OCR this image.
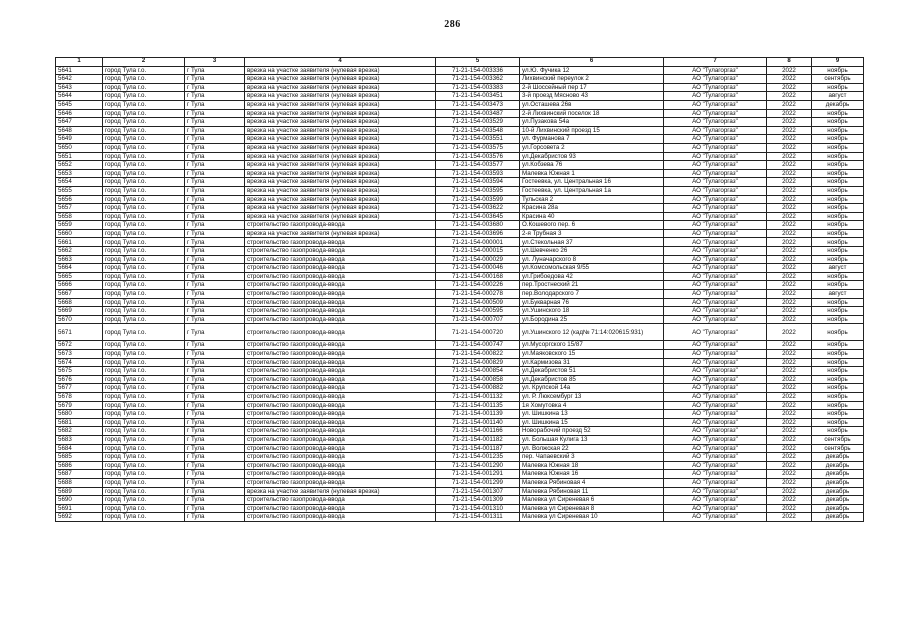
286
1	2	3	4	5	6	7	8	9
5641	город Тула г.о.	г Тула	врезка на участке заявителя (нулевая врезка)	71-21-154-003336	ул.Ю. Фучика 12	АО "Тулагоргаз"	2022	ноябрь
5642	город Тула г.о.	г Тула	врезка на участке заявителя (нулевая врезка)	71-21-154-003362	Лихвинский переулок 2	АО "Тулагоргаз"	2022	сентябрь
5643	город Тула г.о.	г Тула	врезка на участке заявителя (нулевая врезка)	71-21-154-003383	2-й Шоссейный пер 17	АО "Тулагоргаз"	2022	ноябрь
5644	город Тула г.о.	г Тула	врезка на участке заявителя (нулевая врезка)	71-21-154-003451	3-й проезд Мясново 43	АО "Тулагоргаз"	2022	август
5645	город Тула г.о.	г Тула	врезка на участке заявителя (нулевая врезка)	71-21-154-003473	ул.Осташева 26в	АО "Тулагоргаз"	2022	декабрь
5646	город Тула г.о.	г Тула	врезка на участке заявителя (нулевая врезка)	71-21-154-003487	2-й Лихвинский поселок 18	АО "Тулагоргаз"	2022	ноябрь
5647	город Тула г.о.	г Тула	врезка на участке заявителя (нулевая врезка)	71-21-154-003529	ул.Пузакова 54а	АО "Тулагоргаз"	2022	ноябрь
5648	город Тула г.о.	г Тула	врезка на участке заявителя (нулевая врезка)	71-21-154-003548	10-й Лихвинский проезд 15	АО "Тулагоргаз"	2022	ноябрь
5649	город Тула г.о.	г Тула	врезка на участке заявителя (нулевая врезка)	71-21-154-003551	ул. Фурманова 7	АО "Тулагоргаз"	2022	ноябрь
5650	город Тула г.о.	г Тула	врезка на участке заявителя (нулевая врезка)	71-21-154-003575	ул.Горсовета 2	АО "Тулагоргаз"	2022	ноябрь
5651	город Тула г.о.	г Тула	врезка на участке заявителя (нулевая врезка)	71-21-154-003576	ул.Декабристов 93	АО "Тулагоргаз"	2022	ноябрь
5652	город Тула г.о.	г Тула	врезка на участке заявителя (нулевая врезка)	71-21-154-003577	ул.Кобзева 76	АО "Тулагоргаз"	2022	ноябрь
5653	город Тула г.о.	г Тула	врезка на участке заявителя (нулевая врезка)	71-21-154-003593	Малевка Южная 1	АО "Тулагоргаз"	2022	ноябрь
5654	город Тула г.о.	г Тула	врезка на участке заявителя (нулевая врезка)	71-21-154-003594	Гостеевка, ул. Центральная 16	АО "Тулагоргаз"	2022	ноябрь
5655	город Тула г.о.	г Тула	врезка на участке заявителя (нулевая врезка)	71-21-154-003595	Гостеевка, ул. Центральная 1а	АО "Тулагоргаз"	2022	ноябрь
5656	город Тула г.о.	г Тула	врезка на участке заявителя (нулевая врезка)	71-21-154-003599	Тульская 2	АО "Тулагоргаз"	2022	ноябрь
5657	город Тула г.о.	г Тула	врезка на участке заявителя (нулевая врезка)	71-21-154-003622	Красина 28а	АО "Тулагоргаз"	2022	ноябрь
5658	город Тула г.о.	г Тула	врезка на участке заявителя (нулевая врезка)	71-21-154-003645	Красина 40	АО "Тулагоргаз"	2022	ноябрь
5659	город Тула г.о.	г Тула	строительство газопровода-ввода	71-21-154-003680	О.Кошевого пер. 6	АО "Тулагоргаз"	2022	ноябрь
5660	город Тула г.о.	г Тула	врезка на участке заявителя (нулевая врезка)	71-21-154-003696	2-я Трубная 3	АО "Тулагоргаз"	2022	ноябрь
5661	город Тула г.о.	г Тула	строительство газопровода-ввода	71-21-154-000001	ул.Стекольная 37	АО "Тулагоргаз"	2022	ноябрь
5662	город Тула г.о.	г Тула	строительство газопровода-ввода	71-21-154-000015	ул.Шевченко 26	АО "Тулагоргаз"	2022	ноябрь
5663	город Тула г.о.	г Тула	строительство газопровода-ввода	71-21-154-000029	ул. Луначарского 8	АО "Тулагоргаз"	2022	ноябрь
5664	город Тула г.о.	г Тула	строительство газопровода-ввода	71-21-154-000046	ул.Комсомольская 9/55	АО "Тулагоргаз"	2022	август
5665	город Тула г.о.	г Тула	строительство газопровода-ввода	71-21-154-000168	ул.Грибоедова 42	АО "Тулагоргаз"	2022	ноябрь
5666	город Тула г.о.	г Тула	строительство газопровода-ввода	71-21-154-000226	пер.Тростнеский 21	АО "Тулагоргаз"	2022	ноябрь
5667	город Тула г.о.	г Тула	строительство газопровода-ввода	71-21-154-000278	пер.Володарского 7	АО "Тулагоргаз"	2022	август
5668	город Тула г.о.	г Тула	строительство газопровода-ввода	71-21-154-000509	ул.Букварная 76	АО "Тулагоргаз"	2022	ноябрь
5669	город Тула г.о.	г Тула	строительство газопровода-ввода	71-21-154-000595	ул.Ушинского 18	АО "Тулагоргаз"	2022	ноябрь
5670	город Тула г.о.	г Тула	строительство газопровода-ввода	71-21-154-000707	ул.Бородина 25	АО "Тулагоргаз"	2022	ноябрь
5671	город Тула г.о.	г Тула	строительство газопровода-ввода	71-21-154-000720	ул.Ушинского 12 (кад№ 71:14:020615:931)	АО "Тулагоргаз"	2022	ноябрь
5672	город Тула г.о.	г Тула	строительство газопровода-ввода	71-21-154-000747	ул.Мусоргского 15/87	АО "Тулагоргаз"	2022	ноябрь
5673	город Тула г.о.	г Тула	строительство газопровода-ввода	71-21-154-000822	ул.Маяковского 15	АО "Тулагоргаз"	2022	ноябрь
5674	город Тула г.о.	г Тула	строительство газопровода-ввода	71-21-154-000829	ул.Кармизова 31	АО "Тулагоргаз"	2022	ноябрь
5675	город Тула г.о.	г Тула	строительство газопровода-ввода	71-21-154-000854	ул.Декабристов 51	АО "Тулагоргаз"	2022	ноябрь
5676	город Тула г.о.	г Тула	строительство газопровода-ввода	71-21-154-000858	ул.Декабристов 85	АО "Тулагоргаз"	2022	ноябрь
5677	город Тула г.о.	г Тула	строительство газопровода-ввода	71-21-154-000882	ул. Крупской 14а	АО "Тулагоргаз"	2022	ноябрь
5678	город Тула г.о.	г Тула	строительство газопровода-ввода	71-21-154-001132	ул. Р. Люксембург 13	АО "Тулагоргаз"	2022	ноябрь
5679	город Тула г.о.	г Тула	строительство газопровода-ввода	71-21-154-001135	1я Хомутовка 4	АО "Тулагоргаз"	2022	ноябрь
5680	город Тула г.о.	г Тула	строительство газопровода-ввода	71-21-154-001139	ул. Шишкина 13	АО "Тулагоргаз"	2022	ноябрь
5681	город Тула г.о.	г Тула	строительство газопровода-ввода	71-21-154-001140	ул. Шишкина 15	АО "Тулагоргаз"	2022	ноябрь
5682	город Тула г.о.	г Тула	строительство газопровода-ввода	71-21-154-001166	Новорабочий проезд 52	АО "Тулагоргаз"	2022	ноябрь
5683	город Тула г.о.	г Тула	строительство газопровода-ввода	71-21-154-001182	ул. Большая Кулига 13	АО "Тулагоргаз"	2022	сентябрь
5684	город Тула г.о.	г Тула	строительство газопровода-ввода	71-21-154-001187	ул. Волжская 22	АО "Тулагоргаз"	2022	сентябрь
5685	город Тула г.о.	г Тула	строительство газопровода-ввода	71-21-154-001235	пер. Чапаевский 3	АО "Тулагоргаз"	2022	декабрь
5686	город Тула г.о.	г Тула	строительство газопровода-ввода	71-21-154-001290	Малевка Южная 18	АО "Тулагоргаз"	2022	декабрь
5687	город Тула г.о.	г Тула	строительство газопровода-ввода	71-21-154-001291	Малевка Южная 16	АО "Тулагоргаз"	2022	декабрь
5688	город Тула г.о.	г Тула	строительство газопровода-ввода	71-21-154-001299	Малевка Рябиновая 4	АО "Тулагоргаз"	2022	декабрь
5689	город Тула г.о.	г Тула	врезка на участке заявителя (нулевая врезка)	71-21-154-001307	Малевка Рябиновая 11	АО "Тулагоргаз"	2022	декабрь
5690	город Тула г.о.	г Тула	строительство газопровода-ввода	71-21-154-001309	Малевка ул Сиреневая 6	АО "Тулагоргаз"	2022	декабрь
5691	город Тула г.о.	г Тула	строительство газопровода-ввода	71-21-154-001310	Малевка ул Сиреневая 8	АО "Тулагоргаз"	2022	декабрь
5692	город Тула г.о.	г Тула	строительство газопровода-ввода	71-21-154-001311	Малевка ул Сиреневая 10	АО "Тулагоргаз"	2022	декабрь
